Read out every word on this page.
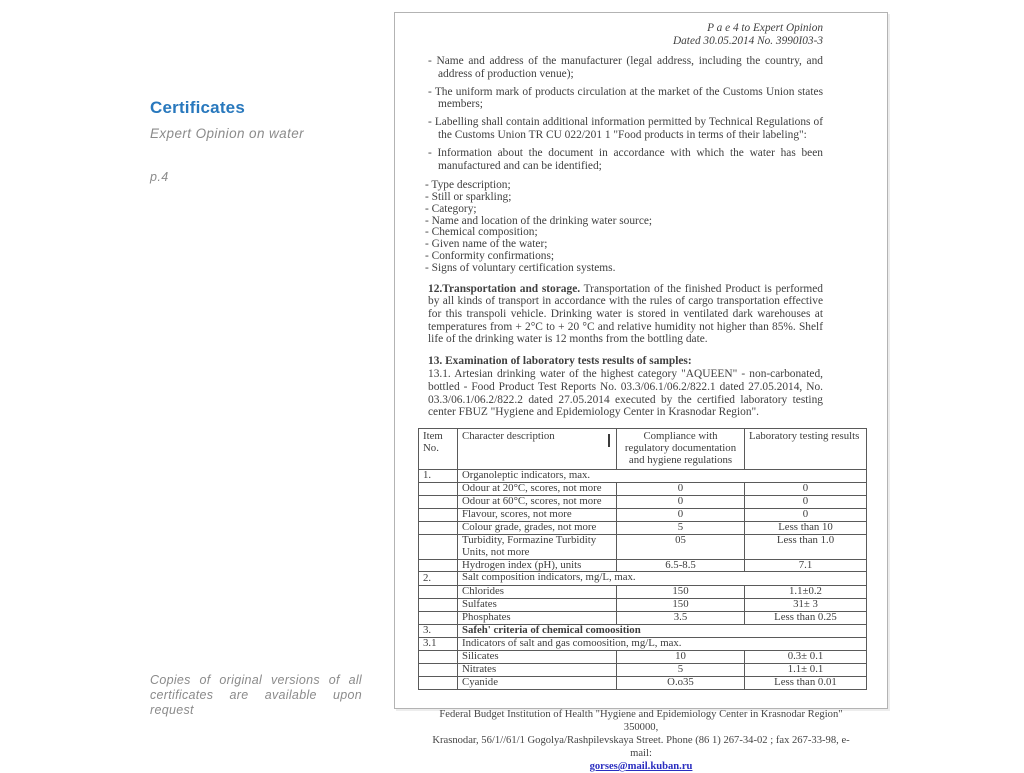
Certificates
Expert Opinion on water
p.4
Copies of original versions of all certificates are available upon request
P a e 4 to Expert Opinion
Dated 30.05.2014 No. 3990I03-3
- Name and address of the manufacturer (legal address, including the country, and address of production venue);
- The uniform mark of products circulation at the market of the Customs Union states members;
- Labelling shall contain additional information permitted by Technical Regulations of the Customs Union TR CU 022/201 1 "Food products in terms of their labeling":
- Information about the document in accordance with which the water has been manufactured and can be identified;
- Type description;
- Still or sparkling;
- Category;
- Name and location of the drinking water source;
- Chemical composition;
- Given name of the water;
- Conformity confirmations;
- Signs of voluntary certification systems.
12.Transportation and storage. Transportation of the finished Product is performed by all kinds of transport in accordance with the rules of cargo transportation effective for this transpoli vehicle. Drinking water is stored in ventilated dark warehouses at temperatures from + 2°C to + 20 °C and relative humidity not higher than 85%. Shelf life of the drinking water is 12 months from the bottling date.
13. Examination of laboratory tests results of samples:
13.1. Artesian drinking water of the highest category "AQUEEN" - non-carbonated, bottled - Food Product Test Reports No. 03.3/06.1/06.2/822.1 dated 27.05.2014, No. 03.3/06.1/06.2/822.2 dated 27.05.2014 executed by the certified laboratory testing center FBUZ "Hygiene and Epidemiology Center in Krasnodar Region".
Item No.	Character description	Compliance with regulatory documentation and hygiene regulations	Laboratory testing results
1.	Organoleptic indicators, max.		
	Odour at 20°C, scores, not more	0	0
	Odour at 60°C, scores, not more	0	0
	Flavour, scores, not more	0	0
	Colour grade, grades, not more	5	Less than 10
	Turbidity, Formazine Turbidity Units, not more	05	Less than 1.0
	Hydrogen index (pH), units	6.5-8.5	7.1
2.	Salt composition indicators, mg/L, max.		
	Chlorides	150	1.1±0.2
	Sulfates	150	31± 3
	Phosphates	3.5	Less than 0.25
3.	Safeh' criteria of chemical comoosition		
3.1	Indicators of salt and gas comoosition, mg/L, max.		
	Silicates	10	0.3± 0.1
	Nitrates	5	1.1± 0.1
	Cyanide	O.o35	Less than 0.01
Federal Budget Institution of Health "Hygiene and Epidemiology Center in Krasnodar Region" 350000,
Krasnodar, 56/1//61/1 Gogolya/Rashpilevskaya Street. Phone (86 1) 267-34-02 ; fax 267-33-98, e-mail:
gorses@mail.kuban.ru
